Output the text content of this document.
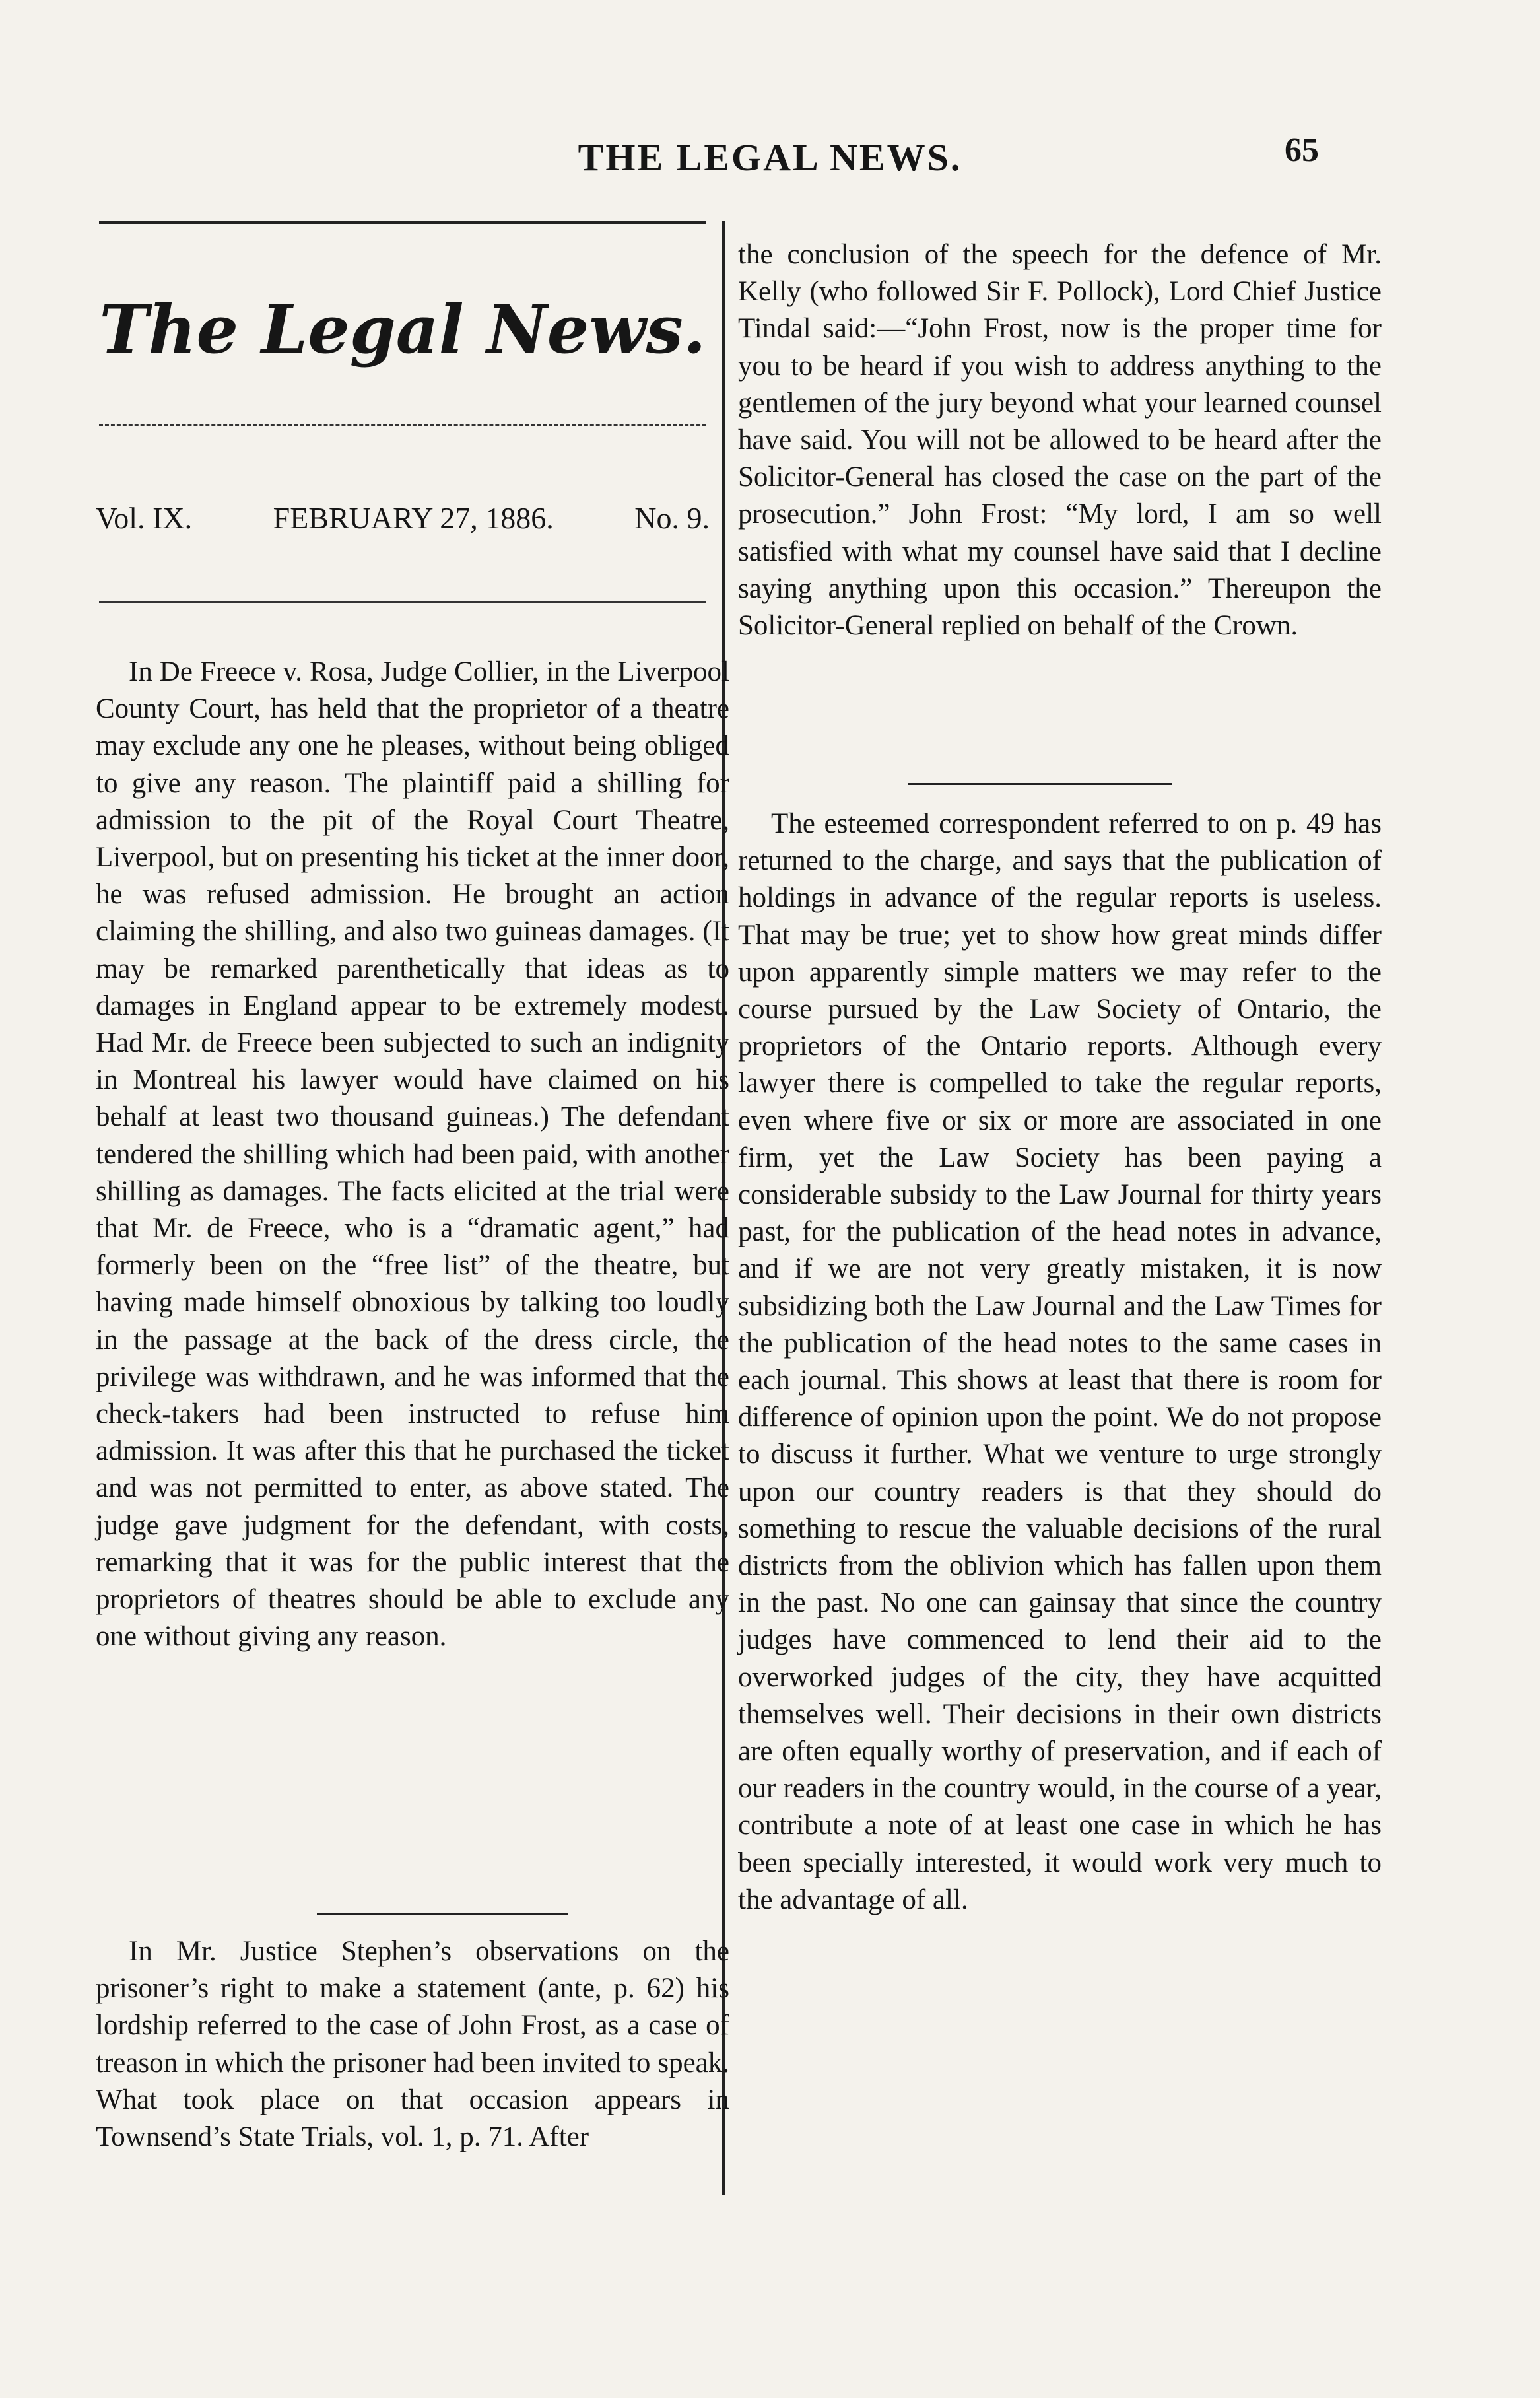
THE LEGAL NEWS.	65
The Legal News.
Vol. IX.	FEBRUARY 27, 1886.	No. 9.

In De Freece v. Rosa, Judge Collier, in the Liverpool County Court, has held that the proprietor of a theatre may exclude any one he pleases, without being obliged to give any reason. The plaintiff paid a shilling for admission to the pit of the Royal Court Theatre, Liverpool, but on presenting his ticket at the inner door, he was refused admission. He brought an action claiming the shilling, and also two guineas damages. (It may be remarked parenthetically that ideas as to damages in England appear to be extremely modest. Had Mr. de Freece been subjected to such an indignity in Montreal his lawyer would have claimed on his behalf at least two thousand guineas.) The defendant tendered the shilling which had been paid, with another shilling as damages. The facts elicited at the trial were that Mr. de Freece, who is a “dramatic agent,” had formerly been on the “free list” of the theatre, but having made himself obnoxious by talking too loudly in the passage at the back of the dress circle, the privilege was withdrawn, and he was informed that the check-takers had been instructed to refuse him admission. It was after this that he purchased the ticket and was not permitted to enter, as above stated. The judge gave judgment for the defendant, with costs, remarking that it was for the public interest that the proprietors of theatres should be able to exclude any one without giving any reason.

In Mr. Justice Stephen’s observations on the prisoner’s right to make a statement (ante, p. 62) his lordship referred to the case of John Frost, as a case of treason in which the prisoner had been invited to speak. What took place on that occasion appears in Townsend’s State Trials, vol. 1, p. 71. After

the conclusion of the speech for the defence of Mr. Kelly (who followed Sir F. Pollock), Lord Chief Justice Tindal said:—“John Frost, now is the proper time for you to be heard if you wish to address anything to the gentlemen of the jury beyond what your learned counsel have said. You will not be allowed to be heard after the Solicitor-General has closed the case on the part of the prosecution.” John Frost: “My lord, I am so well satisfied with what my counsel have said that I decline saying anything upon this occasion.” Thereupon the Solicitor-General replied on behalf of the Crown.

The esteemed correspondent referred to on p. 49 has returned to the charge, and says that the publication of holdings in advance of the regular reports is useless. That may be true; yet to show how great minds differ upon apparently simple matters we may refer to the course pursued by the Law Society of Ontario, the proprietors of the Ontario reports. Although every lawyer there is compelled to take the regular reports, even where five or six or more are associated in one firm, yet the Law Society has been paying a considerable subsidy to the Law Journal for thirty years past, for the publication of the head notes in advance, and if we are not very greatly mistaken, it is now subsidizing both the Law Journal and the Law Times for the publication of the head notes to the same cases in each journal. This shows at least that there is room for difference of opinion upon the point. We do not propose to discuss it further. What we venture to urge strongly upon our country readers is that they should do something to rescue the valuable decisions of the rural districts from the oblivion which has fallen upon them in the past. No one can gainsay that since the country judges have commenced to lend their aid to the overworked judges of the city, they have acquitted themselves well. Their decisions in their own districts are often equally worthy of preservation, and if each of our readers in the country would, in the course of a year, contribute a note of at least one case in which he has been specially interested, it would work very much to the advantage of all.
